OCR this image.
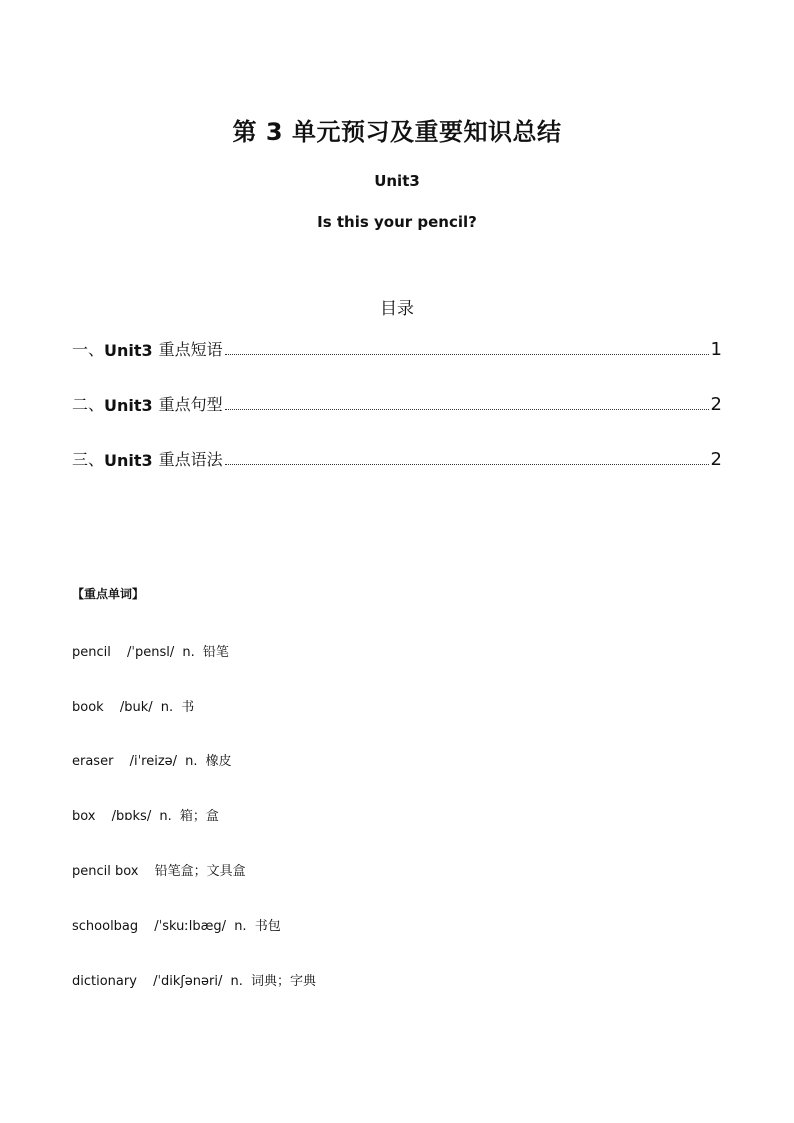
第 3 单元预习及重要知识总结
Unit3
Is this your pencil?
目录
一、 Unit3 重点短语	1
二、 Unit3 重点句型	2
三、 Unit3 重点语法	2
【重点单词】
pencil /ˈpensl/ n. 铅笔
book /buk/ n. 书
eraser /iˈreizə/ n. 橡皮
box /bɒks/ n. 箱；盒
pencil box 铅笔盒；文具盒
schoolbag /ˈskuːlbæg/ n. 书包
dictionary /ˈdikʃənəri/ n. 词典；字典
